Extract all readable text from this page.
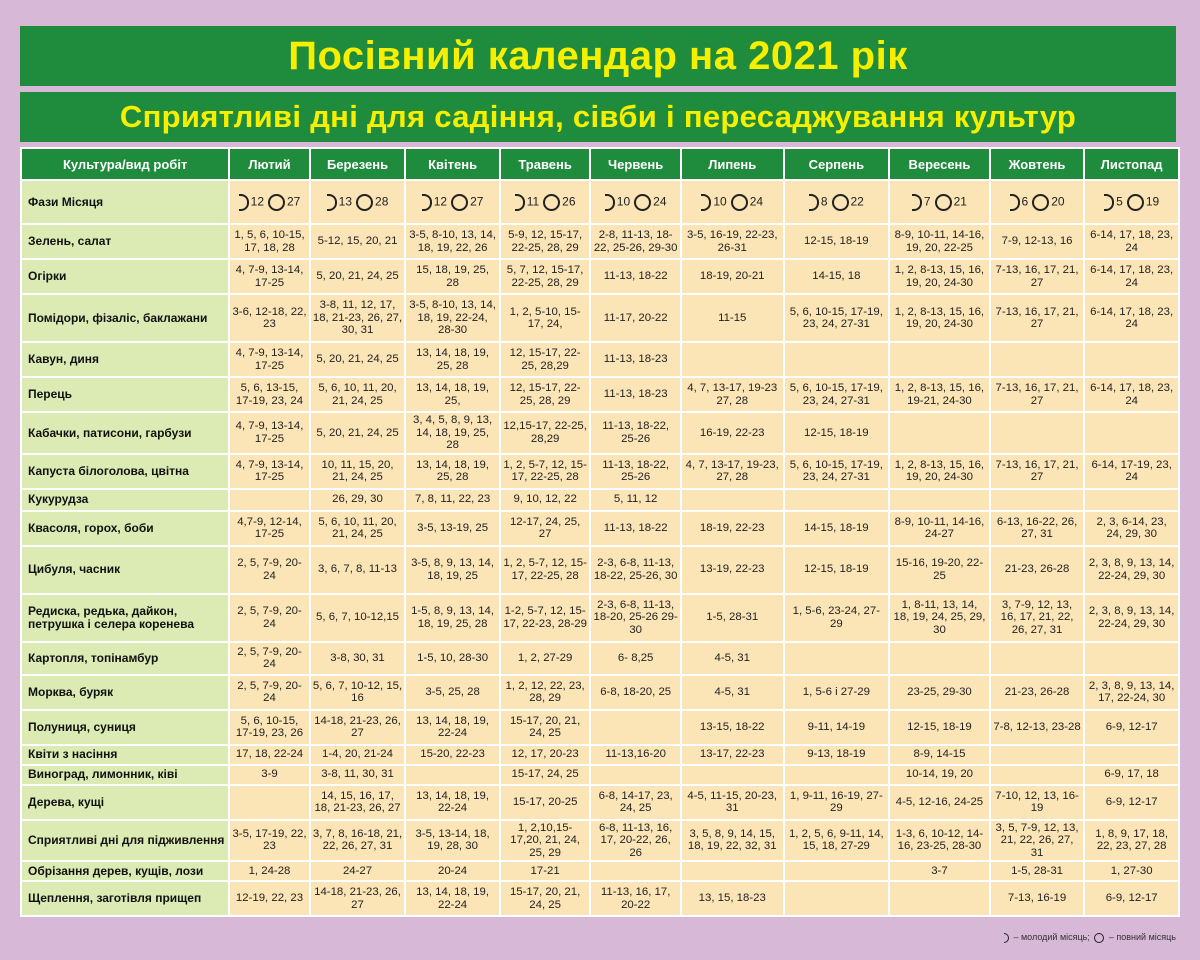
Посівний календар на 2021 рік
Сприятливі дні для садіння, сівби і пересаджування культур
Культура/вид робіт	Лютий	Березень	Квітень	Травень	Червень	Липень	Серпень	Вересень	Жовтень	Листопад
Фази Місяця	12 27	13 28	12 27	11 26	10 24	10 24	8 22	7 21	6 20	5 19
Зелень, салат	1, 5, 6, 10-15, 17, 18, 28	5-12, 15, 20, 21	3-5, 8-10, 13, 14, 18, 19, 22, 26	5-9, 12, 15-17, 22-25, 28, 29	2-8, 11-13, 18-22, 25-26, 29-30	3-5, 16-19, 22-23, 26-31	12-15, 18-19	8-9, 10-11, 14-16, 19, 20, 22-25	7-9, 12-13, 16	6-14, 17, 18, 23, 24
Огірки	4, 7-9, 13-14, 17-25	5, 20, 21, 24, 25	15, 18, 19, 25, 28	5, 7, 12, 15-17, 22-25, 28, 29	11-13, 18-22	18-19, 20-21	14-15, 18	1, 2, 8-13, 15, 16, 19, 20, 24-30	7-13, 16, 17, 21, 27	6-14, 17, 18, 23, 24
Помідори, фізаліс, баклажани	3-6, 12-18, 22, 23	3-8, 11, 12, 17, 18, 21-23, 26, 27, 30, 31	3-5, 8-10, 13, 14, 18, 19, 22-24, 28-30	1, 2, 5-10, 15-17, 24,	11-17, 20-22	11-15	5, 6, 10-15, 17-19, 23, 24, 27-31	1, 2, 8-13, 15, 16, 19, 20, 24-30	7-13, 16, 17, 21, 27	6-14, 17, 18, 23, 24
Кавун, диня	4, 7-9, 13-14, 17-25	5, 20, 21, 24, 25	13, 14, 18, 19, 25, 28	12, 15-17, 22-25, 28,29	11-13, 18-23					
Перець	5, 6, 13-15, 17-19, 23, 24	5, 6, 10, 11, 20, 21, 24, 25	13, 14, 18, 19, 25,	12, 15-17, 22-25, 28, 29	11-13, 18-23	4, 7, 13-17, 19-23 27, 28	5, 6, 10-15, 17-19, 23, 24, 27-31	1, 2, 8-13, 15, 16, 19-21, 24-30	7-13, 16, 17, 21, 27	6-14, 17, 18, 23, 24
Кабачки, патисони, гарбузи	4, 7-9, 13-14, 17-25	5, 20, 21, 24, 25	3, 4, 5, 8, 9, 13, 14, 18, 19, 25, 28	12,15-17, 22-25, 28,29	11-13, 18-22, 25-26	16-19, 22-23	12-15, 18-19			
Капуста білоголова, цвітна	4, 7-9, 13-14, 17-25	10, 11, 15, 20, 21, 24, 25	13, 14, 18, 19, 25, 28	1, 2, 5-7, 12, 15-17, 22-25, 28	11-13, 18-22, 25-26	4, 7, 13-17, 19-23, 27, 28	5, 6, 10-15, 17-19, 23, 24, 27-31	1, 2, 8-13, 15, 16, 19, 20, 24-30	7-13, 16, 17, 21, 27	6-14, 17-19, 23, 24
Кукурудза		26, 29, 30	7, 8, 11, 22, 23	9, 10, 12, 22	5, 11, 12					
Квасоля, горох, боби	4,7-9, 12-14, 17-25	5, 6, 10, 11, 20, 21, 24, 25	3-5, 13-19, 25	12-17, 24, 25, 27	11-13, 18-22	18-19, 22-23	14-15, 18-19	8-9, 10-11, 14-16, 24-27	6-13, 16-22, 26, 27, 31	2, 3, 6-14, 23, 24, 29, 30
Цибуля, часник	2, 5, 7-9, 20-24	3, 6, 7, 8, 11-13	3-5, 8, 9, 13, 14, 18, 19, 25	1, 2, 5-7, 12, 15-17, 22-25, 28	2-3, 6-8, 11-13, 18-22, 25-26, 30	13-19, 22-23	12-15, 18-19	15-16, 19-20, 22-25	21-23, 26-28	2, 3, 8, 9, 13, 14, 22-24, 29, 30
Редиска, редька, дайкон, петрушка і селера коренева	2, 5, 7-9, 20-24	5, 6, 7, 10-12,15	1-5, 8, 9, 13, 14, 18, 19, 25, 28	1-2, 5-7, 12, 15-17, 22-23, 28-29	2-3, 6-8, 11-13, 18-20, 25-26 29-30	1-5, 28-31	1, 5-6, 23-24, 27-29	1, 8-11, 13, 14, 18, 19, 24, 25, 29, 30	3, 7-9, 12, 13, 16, 17, 21, 22, 26, 27, 31	2, 3, 8, 9, 13, 14, 22-24, 29, 30
Картопля, топінамбур	2, 5, 7-9, 20-24	3-8, 30, 31	1-5, 10, 28-30	1, 2, 27-29	6- 8,25	4-5, 31				
Морква, буряк	2, 5, 7-9, 20-24	5, 6, 7, 10-12, 15, 16	3-5, 25, 28	1, 2, 12, 22, 23, 28, 29	6-8, 18-20, 25	4-5, 31	1, 5-6 і 27-29	23-25, 29-30	21-23, 26-28	2, 3, 8, 9, 13, 14, 17, 22-24, 30
Полуниця, суниця	5, 6, 10-15, 17-19, 23, 26	14-18, 21-23, 26, 27	13, 14, 18, 19, 22-24	15-17, 20, 21, 24, 25		13-15, 18-22	9-11, 14-19	12-15, 18-19	7-8, 12-13, 23-28	6-9, 12-17
Квіти з насіння	17, 18, 22-24	1-4, 20, 21-24	15-20, 22-23	12, 17, 20-23	11-13,16-20	13-17, 22-23	9-13, 18-19	8-9, 14-15		
Виноград, лимонник, ківі	3-9	3-8, 11, 30, 31		15-17, 24, 25				10-14, 19, 20		6-9, 17, 18
Дерева, кущі		14, 15, 16, 17, 18, 21-23, 26, 27	13, 14, 18, 19, 22-24	15-17, 20-25	6-8, 14-17, 23, 24, 25	4-5, 11-15, 20-23, 31	1, 9-11, 16-19, 27-29	4-5, 12-16, 24-25	7-10, 12, 13, 16-19	6-9, 12-17
Сприятливі дні для підживлення	3-5, 17-19, 22, 23	3, 7, 8, 16-18, 21, 22, 26, 27, 31	3-5, 13-14, 18, 19, 28, 30	1, 2,10,15-17,20, 21, 24, 25, 29	6-8, 11-13, 16, 17, 20-22, 26, 26	3, 5, 8, 9, 14, 15, 18, 19, 22, 32, 31	1, 2, 5, 6, 9-11, 14, 15, 18, 27-29	1-3, 6, 10-12, 14-16, 23-25, 28-30	3, 5, 7-9, 12, 13, 21, 22, 26, 27, 31	1, 8, 9, 17, 18, 22, 23, 27, 28
Обрізання дерев, кущів, лози	1, 24-28	24-27	20-24	17-21				3-7	1-5, 28-31	1, 27-30
Щеплення, заготівля прищеп	12-19, 22, 23	14-18, 21-23, 26, 27	13, 14, 18, 19, 22-24	15-17, 20, 21, 24, 25	11-13, 16, 17, 20-22	13, 15, 18-23			7-13, 16-19	6-9, 12-17
– молодий місяць; – повний місяць
